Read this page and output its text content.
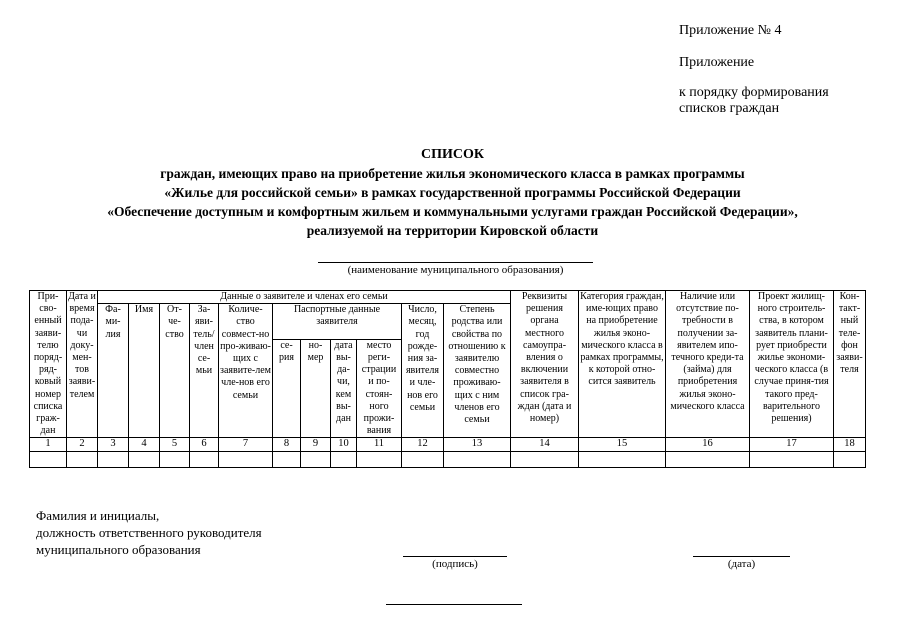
Приложение № 4
Приложение
к порядку формирования
списков граждан
СПИСОК
граждан, имеющих право на приобретение жилья экономического класса в рамках программы
«Жилье для российской семьи» в рамках государственной программы Российской Федерации
«Обеспечение доступным и комфортным жильем и коммунальными услугами граждан Российской Федерации»,
реализуемой на территории Кировской области
(наименование муниципального образования)
При-сво-енный заяви-телю поряд-ряд-ковый номер списка граж-дан	Дата и время пода-чи доку-мен-тов заяви-телем	Данные о заявителе и членах его семьи											Реквизиты решения органа местного самоупра-вления о включении заявителя в список гра-ждан (дата и номер)	Категория граждан, име-ющих право на приобретение жилья эконо-мического класса в рамках программы, к которой отно-сится заявитель	Наличие или отсутствие по-требности в получении за-явителем ипо-течного креди-та (займа) для приобретения жилья эконо-мического класса	Проект жилищ-ного строитель-ства, в котором заявитель плани-рует приобрести жилье экономи-ческого класса (в случае приня-тия такого пред-варительного решения)	Кон-такт-ный теле-фон заяви-теля
		Фа-ми-лия	Имя	От-че-ство	За-яви-тель/член се-мьи	Количе-ство совмест-но про-живаю-щих с заявите-лем чле-нов его семьи	Паспортные данные заявителя				Число, месяц, год рожде-ния за-явителя и чле-нов его семьи	Степень родства или свойства по отношению к заявителю совместно проживаю-щих с ним членов его семьи					
							се-рия	но-мер	дата вы-да-чи, кем вы-дан	место реги-страции и по-стоян-ного прожи-вания							
1	2	3	4	5	6	7	8	9	10	11	12	13	14	15	16	17	18

Фамилия и инициалы,
должность ответственного руководителя
муниципального образования
(подпись)	(дата)
